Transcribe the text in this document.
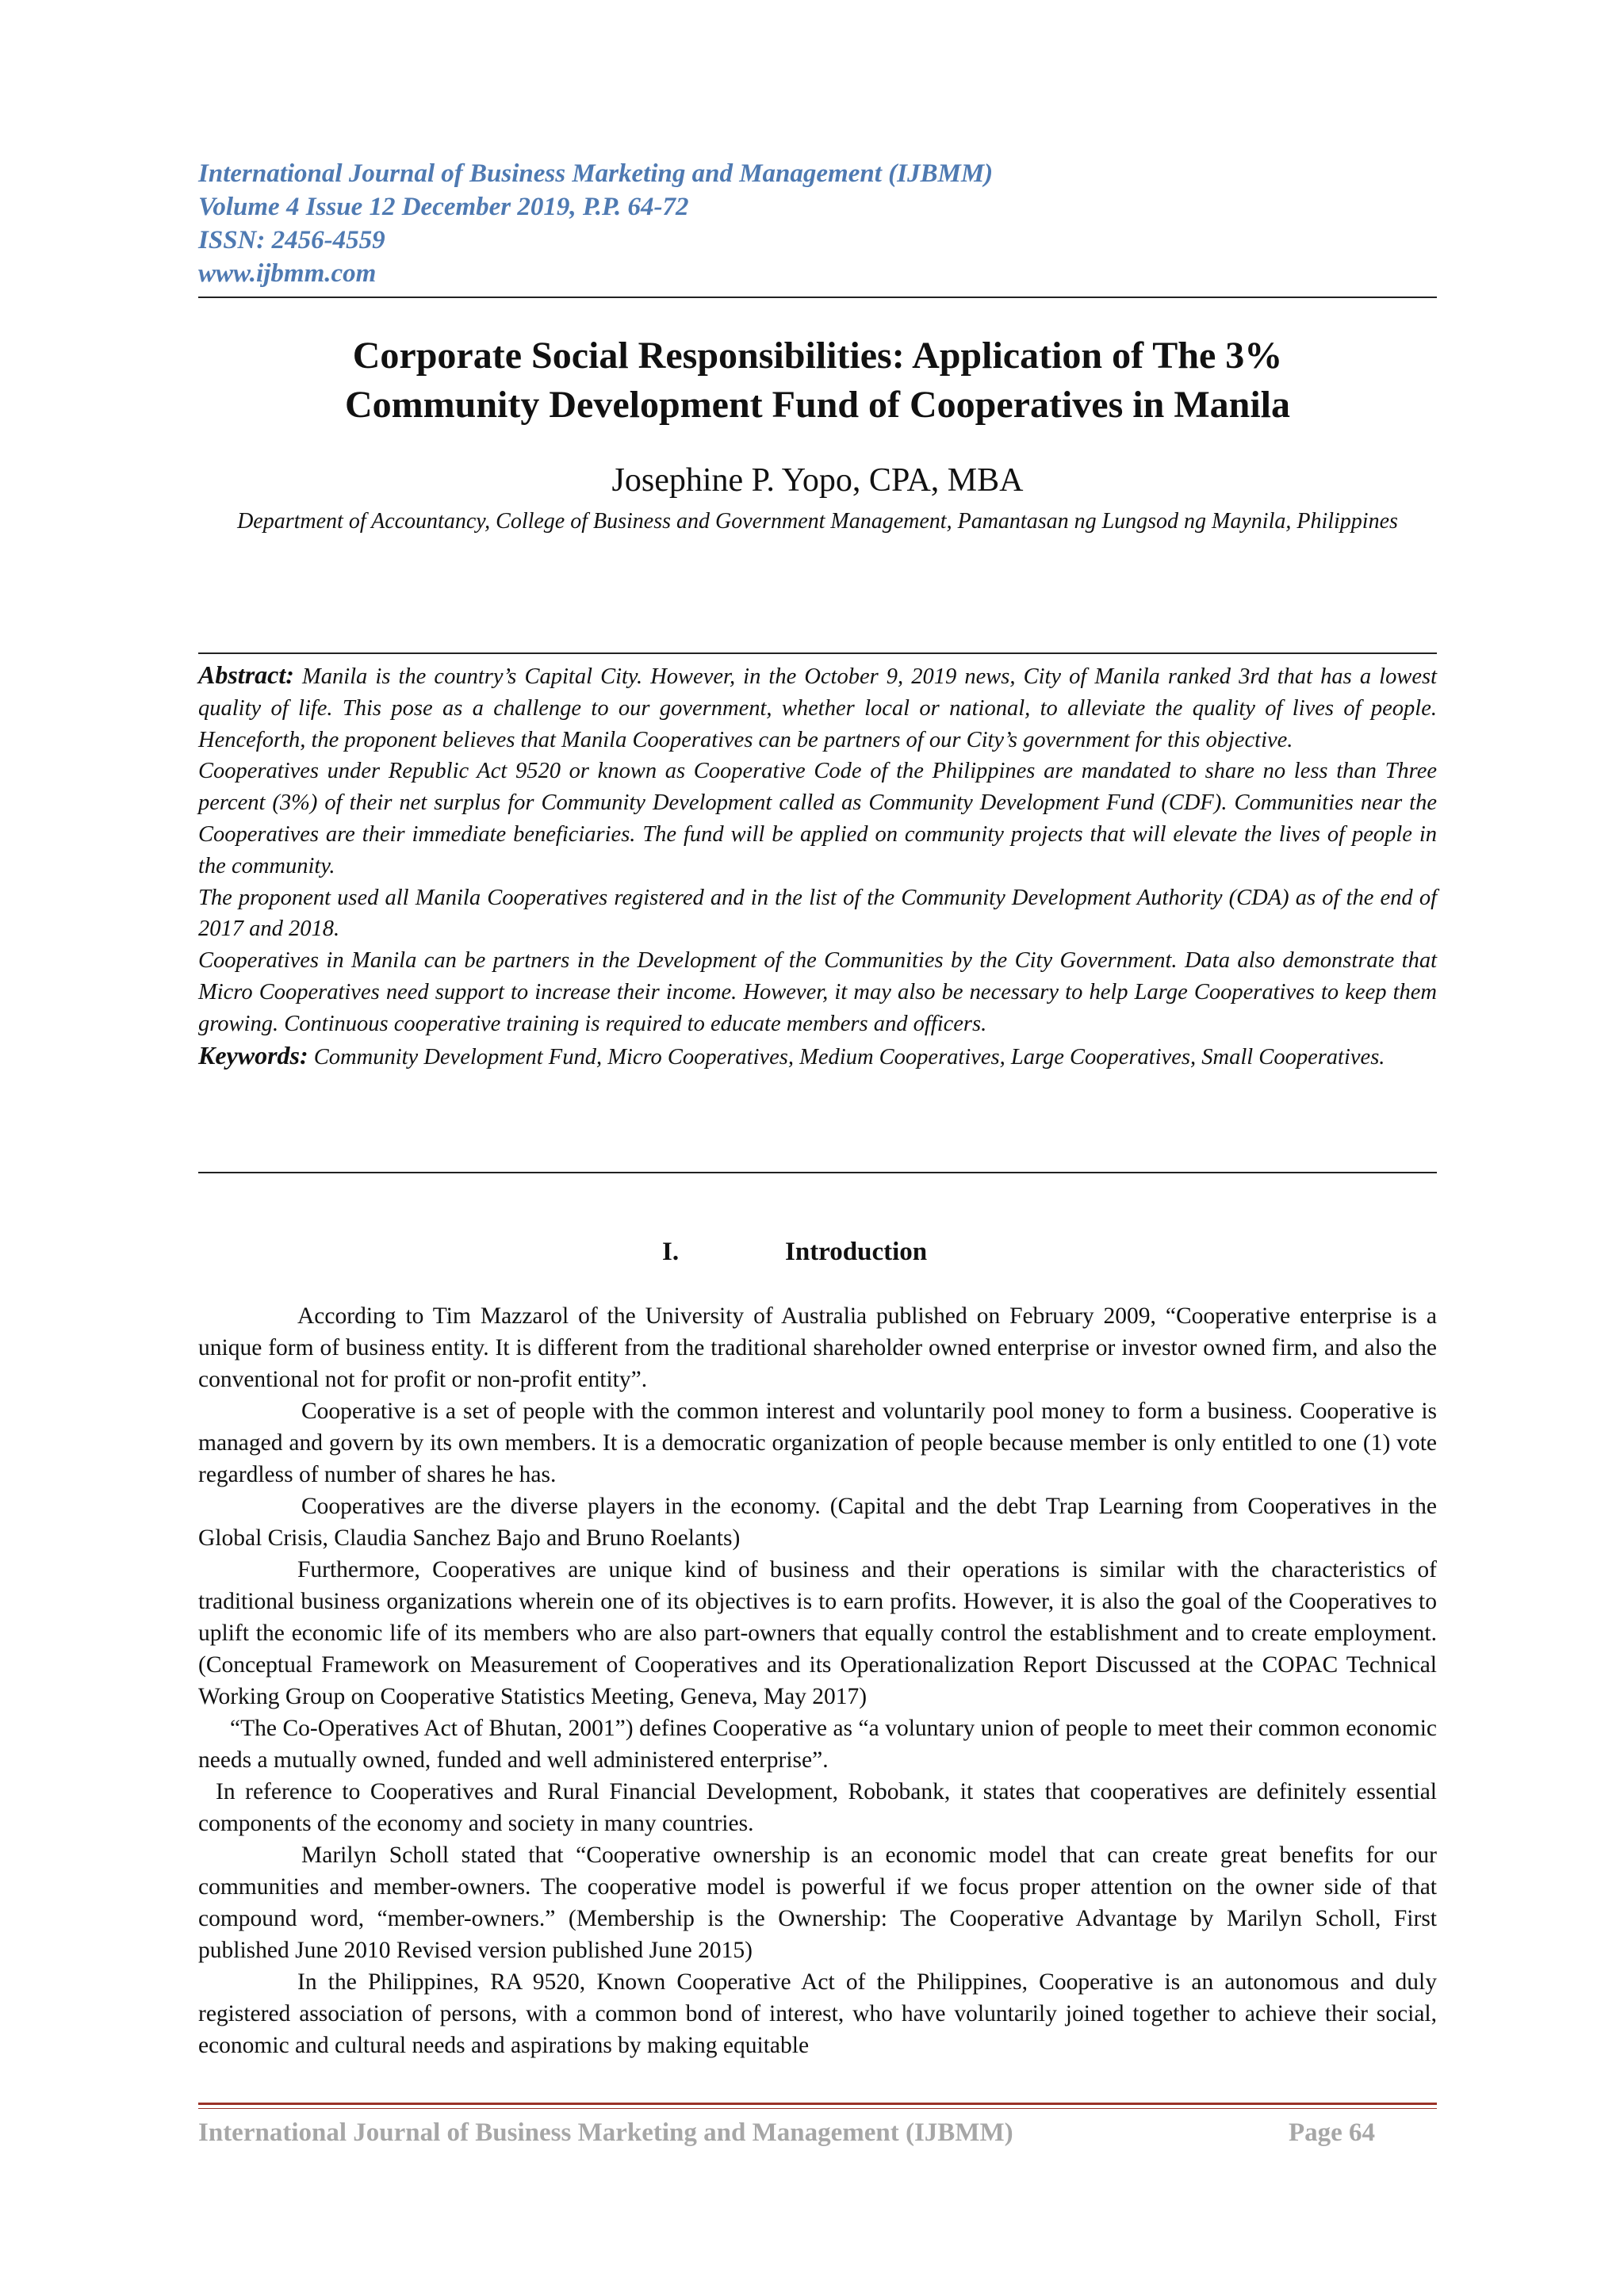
International Journal of Business Marketing and Management (IJBMM)
Volume 4 Issue 12 December 2019, P.P. 64-72
ISSN: 2456-4559
www.ijbmm.com
Corporate Social Responsibilities: Application of The 3%
Community Development Fund of Cooperatives in Manila
Josephine P. Yopo, CPA, MBA
Department of Accountancy, College of Business and Government Management, Pamantasan ng Lungsod ng Maynila, Philippines

Abstract: Manila is the country’s Capital City. However, in the October 9, 2019 news, City of Manila ranked 3rd that has a lowest quality of life. This pose as a challenge to our government, whether local or national, to alleviate the quality of lives of people. Henceforth, the proponent believes that Manila Cooperatives can be partners of our City’s government for this objective.

Cooperatives under Republic Act 9520 or known as Cooperative Code of the Philippines are mandated to share no less than Three percent (3%) of their net surplus for Community Development called as Community Development Fund (CDF). Communities near the Cooperatives are their immediate beneficiaries. The fund will be applied on community projects that will elevate the lives of people in the community.

The proponent used all Manila Cooperatives registered and in the list of the Community Development Authority (CDA) as of the end of 2017 and 2018.

Cooperatives in Manila can be partners in the Development of the Communities by the City Government. Data also demonstrate that Micro Cooperatives need support to increase their income. However, it may also be necessary to help Large Cooperatives to keep them growing. Continuous cooperative training is required to educate members and officers.

Keywords: Community Development Fund, Micro Cooperatives, Medium Cooperatives, Large Cooperatives, Small Cooperatives.

I.	Introduction

According to Tim Mazzarol of the University of Australia published on February 2009, “Cooperative enterprise is a unique form of business entity. It is different from the traditional shareholder owned enterprise or investor owned firm, and also the conventional not for profit or non-profit entity”.

Cooperative is a set of people with the common interest and voluntarily pool money to form a business. Cooperative is managed and govern by its own members. It is a democratic organization of people because member is only entitled to one (1) vote regardless of number of shares he has.

Cooperatives are the diverse players in the economy. (Capital and the debt Trap Learning from Cooperatives in the Global Crisis, Claudia Sanchez Bajo and Bruno Roelants)

Furthermore, Cooperatives are unique kind of business and their operations is similar with the characteristics of traditional business organizations wherein one of its objectives is to earn profits. However, it is also the goal of the Cooperatives to uplift the economic life of its members who are also part-owners that equally control the establishment and to create employment. (Conceptual Framework on Measurement of Cooperatives and its Operationalization Report Discussed at the COPAC Technical Working Group on Cooperative Statistics Meeting, Geneva, May 2017)

“The Co-Operatives Act of Bhutan, 2001”) defines Cooperative as “a voluntary union of people to meet their common economic needs a mutually owned, funded and well administered enterprise”.

In reference to Cooperatives and Rural Financial Development, Robobank, it states that cooperatives are definitely essential components of the economy and society in many countries.

Marilyn Scholl stated that “Cooperative ownership is an economic model that can create great benefits for our communities and member-owners. The cooperative model is powerful if we focus proper attention on the owner side of that compound word, “member-owners.” (Membership is the Ownership: The Cooperative Advantage by Marilyn Scholl, First published June 2010 Revised version published June 2015)

In the Philippines, RA 9520, Known Cooperative Act of the Philippines, Cooperative is an autonomous and duly registered association of persons, with a common bond of interest, who have voluntarily joined together to achieve their social, economic and cultural needs and aspirations by making equitable

International Journal of Business Marketing and Management (IJBMM)	Page 64
